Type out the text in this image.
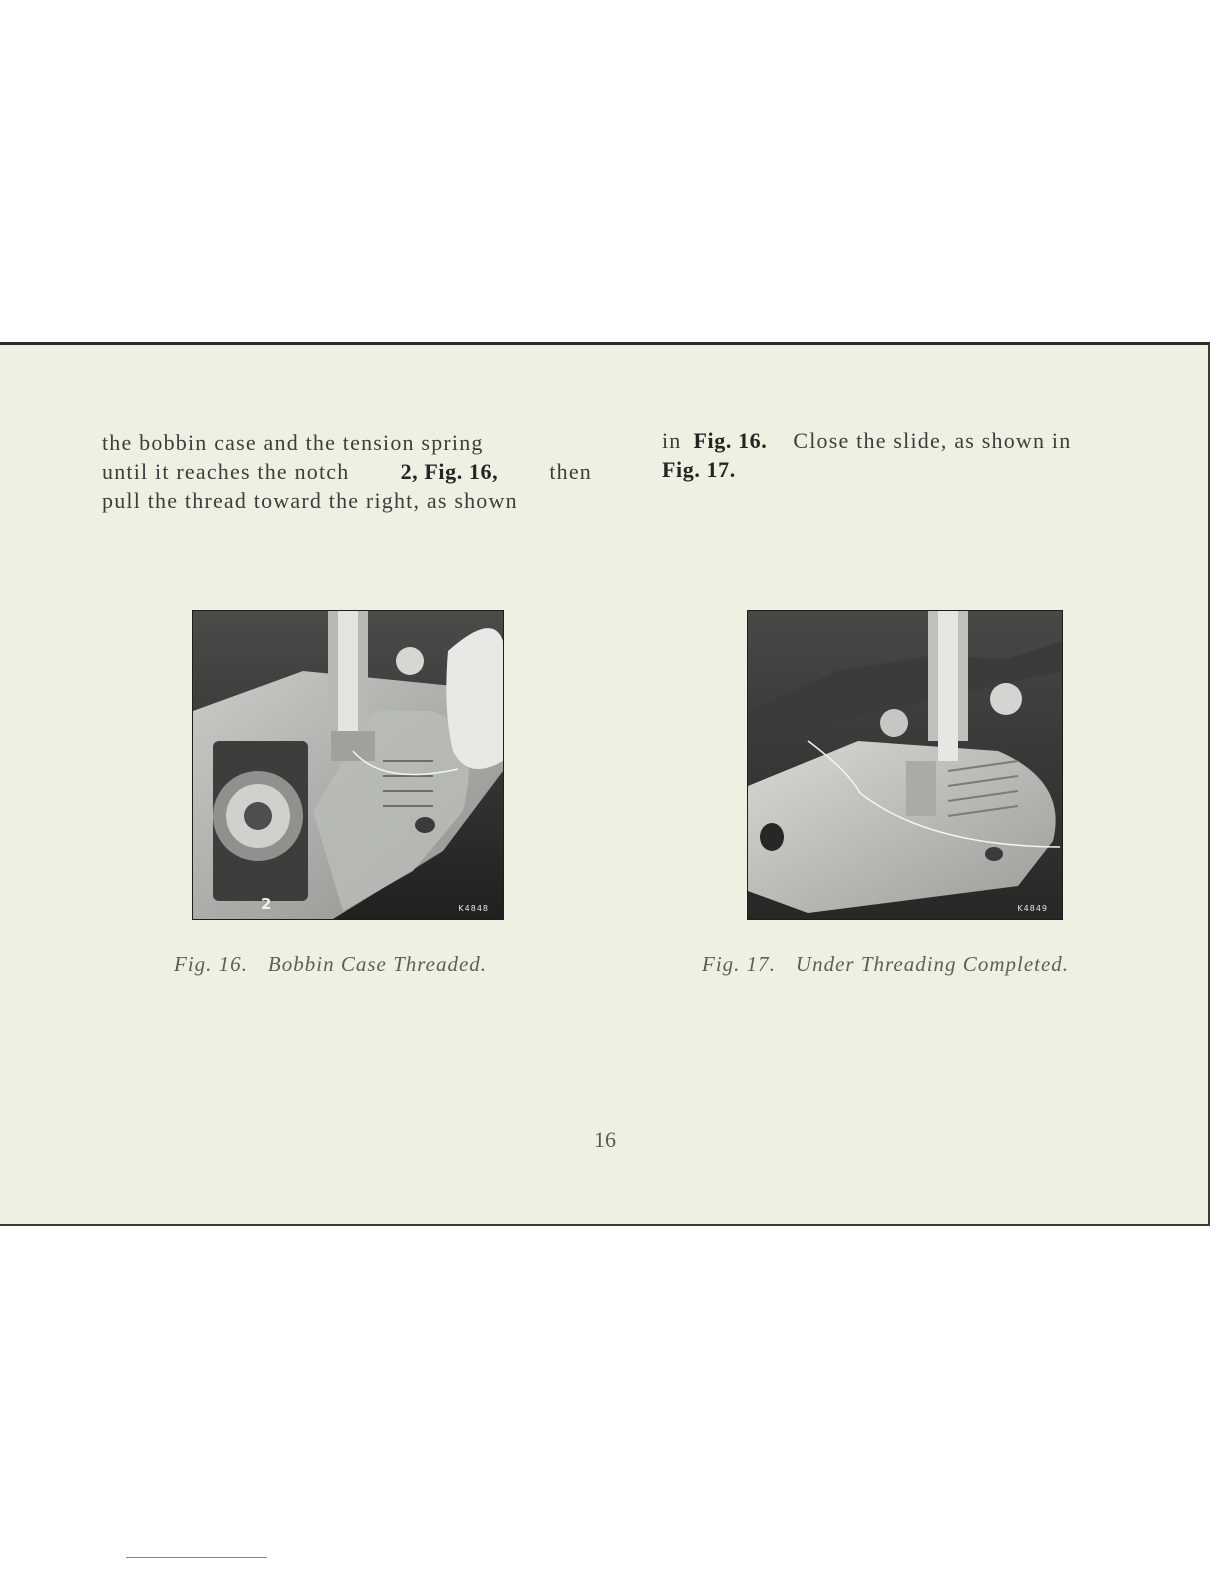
the bobbin case and the tension spring
until it reaches the notch 2, Fig. 16, then
pull the thread toward the right, as shown
in Fig. 16. Close the slide, as shown in
Fig. 17.
2	K4848	K4849
Fig. 16. Bobbin Case Threaded.	Fig. 17. Under Threading Completed.
16
